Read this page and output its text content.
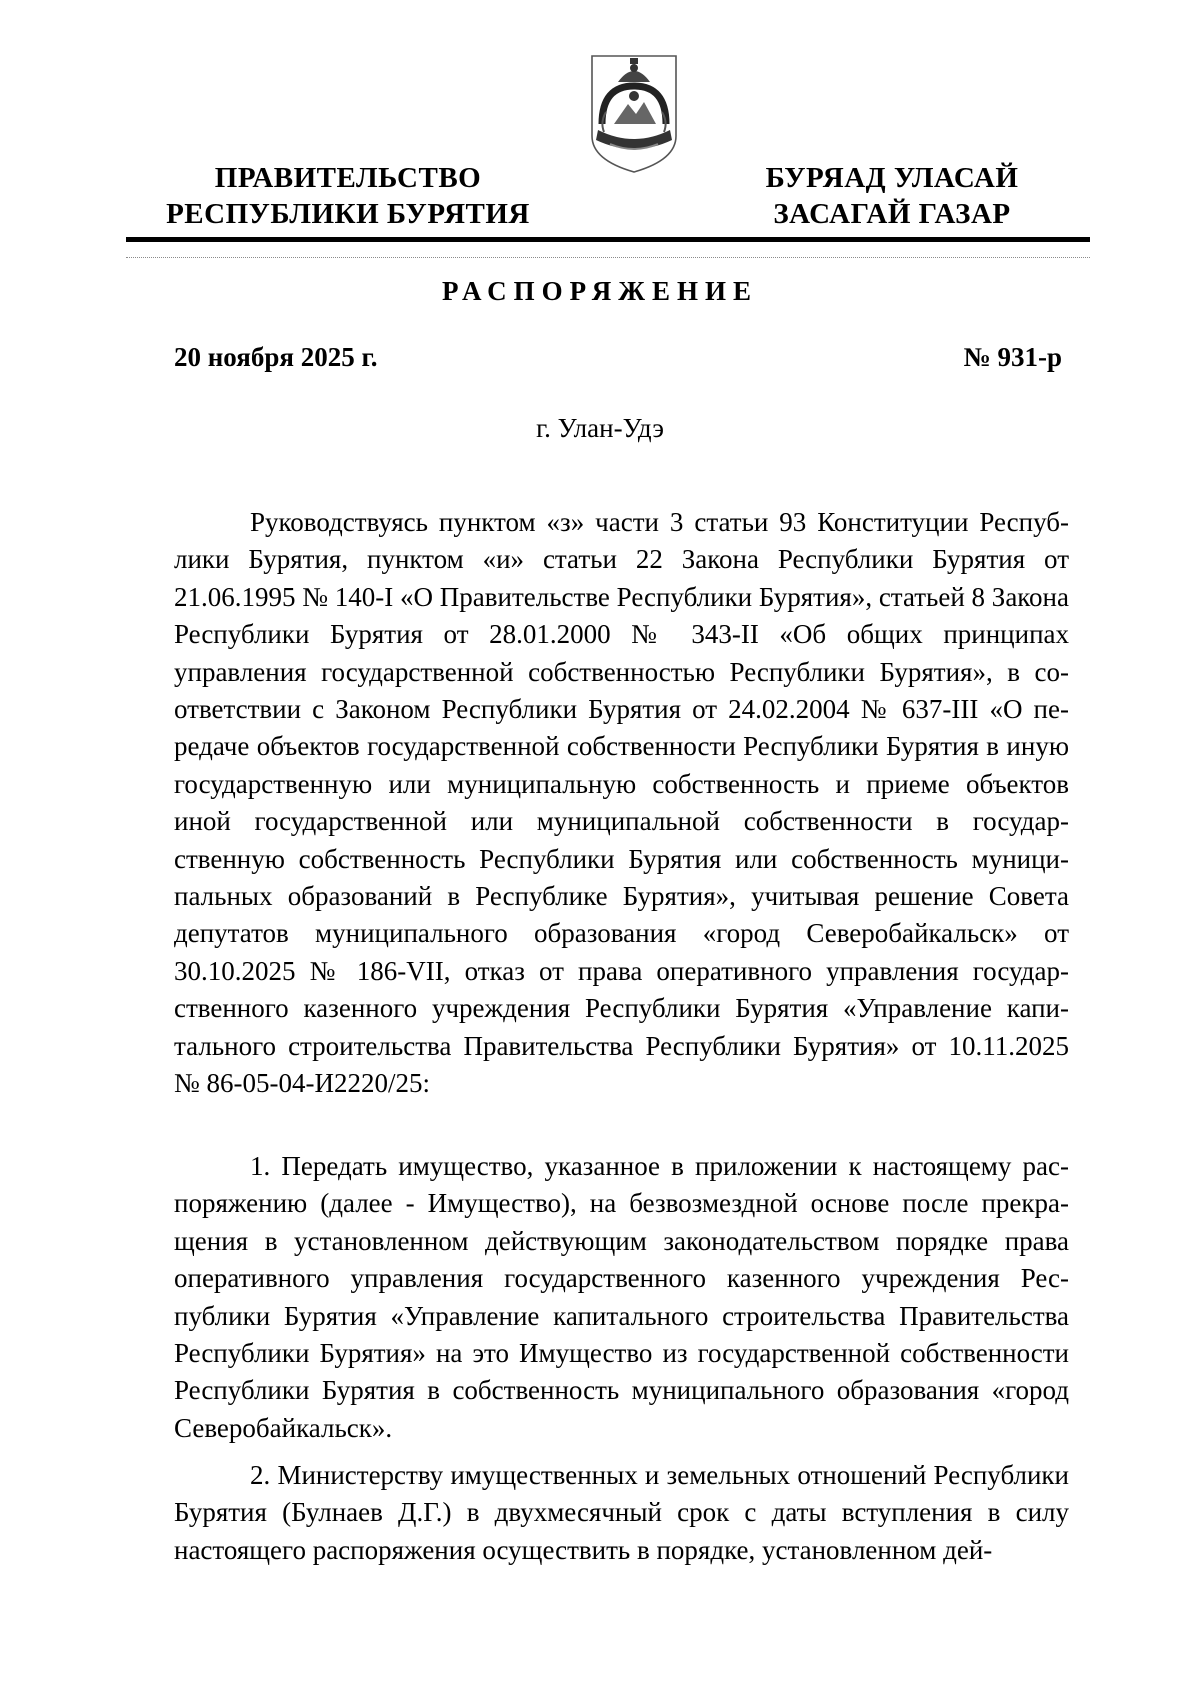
ПРАВИТЕЛЬСТВО
РЕСПУБЛИКИ БУРЯТИЯ
БУРЯАД УЛАСАЙ
ЗАСАГАЙ ГАЗАР
РАСПОРЯЖЕНИЕ
20 ноября 2025 г.	№ 931-р
г. Улан-Удэ

Руководствуясь пунктом «з» части 3 статьи 93 Конституции Республики Бурятия, пунктом «и» статьи 22 Закона Республики Бурятия от 21.06.1995 № 140-I «О Правительстве Республики Бурятия», статьей 8 Закона Республики Бурятия от 28.01.2000 № 343-II «Об общих принципах управления государственной собственностью Республики Бурятия», в соответствии с Законом Республики Бурятия от 24.02.2004 № 637-III «О передаче объектов государственной собственности Республики Бурятия в иную государственную или муниципальную собственность и приеме объектов иной государственной или муниципальной собственности в государственную собственность Республики Бурятия или собственность муниципальных образований в Республике Бурятия», учитывая решение Совета депутатов муниципального образования «город Северобайкальск» от 30.10.2025 № 186-VII, отказ от права оперативного управления государственного казенного учреждения Республики Бурятия «Управление капитального строительства Правительства Республики Бурятия» от 10.11.2025 № 86-05-04-И2220/25:

1. Передать имущество, указанное в приложении к настоящему распоряжению (далее - Имущество), на безвозмездной основе после прекращения в установленном действующим законодательством порядке права оперативного управления государственного казенного учреждения Республики Бурятия «Управление капитального строительства Правительства Республики Бурятия» на это Имущество из государственной собственности Республики Бурятия в собственность муниципального образования «город Северобайкальск».

2. Министерству имущественных и земельных отношений Республики Бурятия (Булнаев Д.Г.) в двухмесячный срок с даты вступления в силу настоящего распоряжения осуществить в порядке, установленном дей-
